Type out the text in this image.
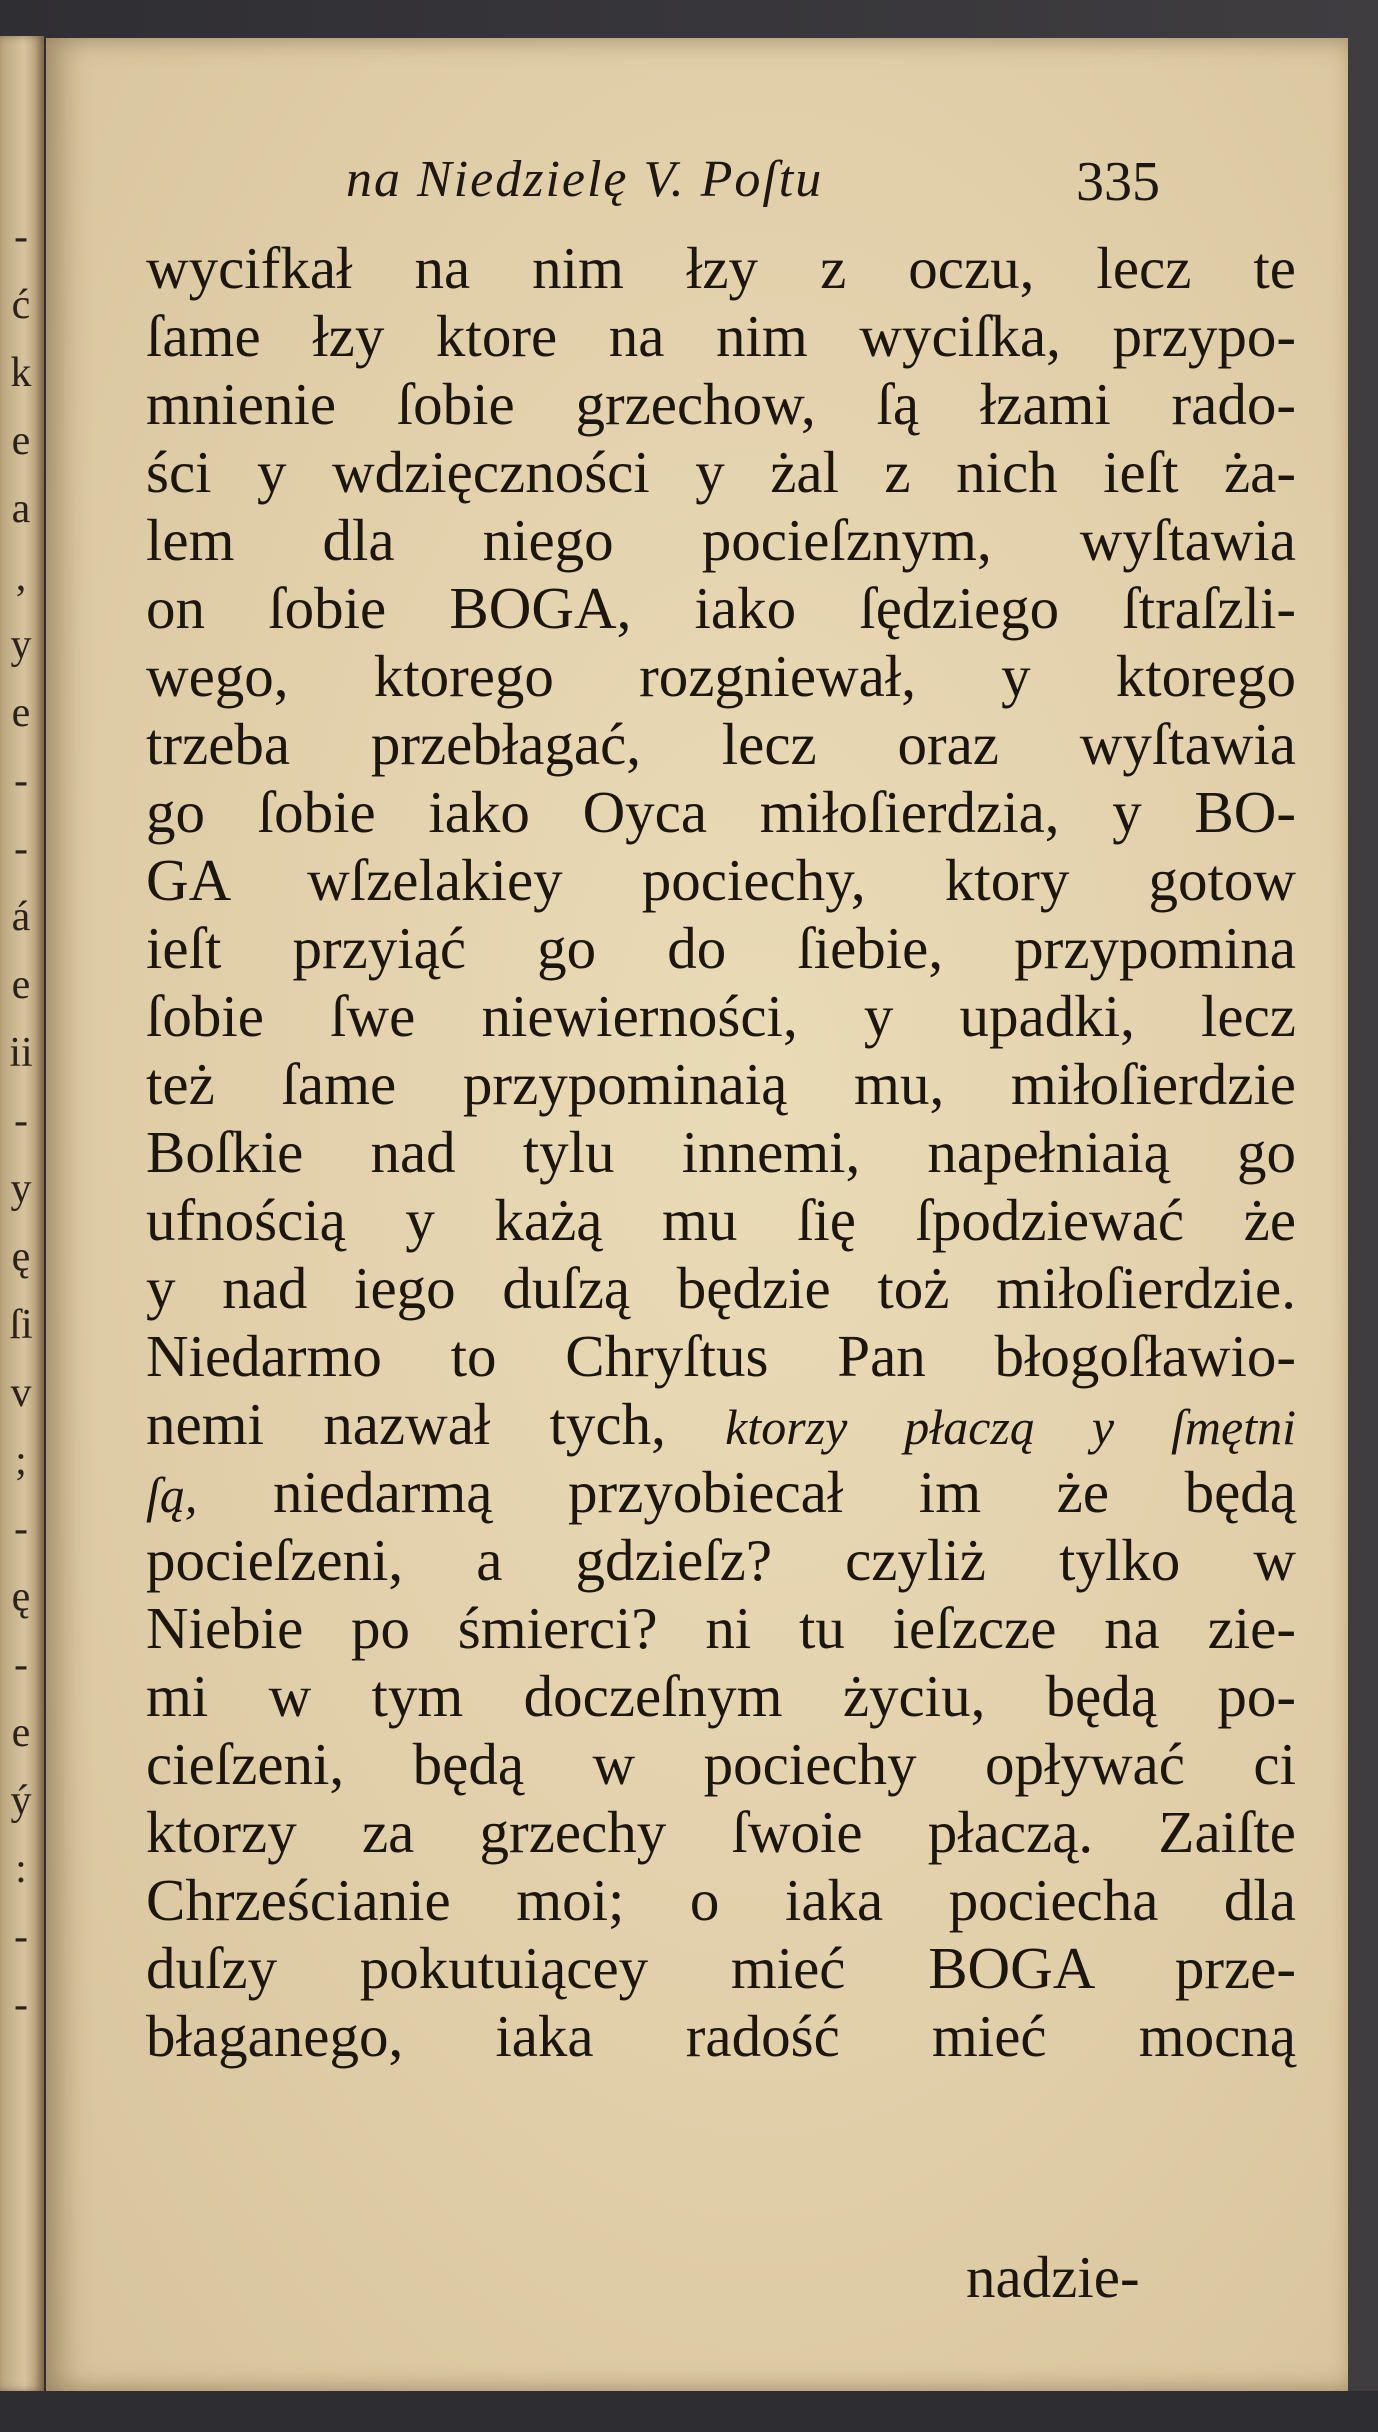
-
ć
k
e
a
,
y
e
-
-
á
e
ii
-
y
ę
ſi
v
;
-
ę
-
e
ý
:
-
-
na Niedzielę V. Poſtu	335
wycifkał na nim łzy z oczu, lecz te
ſame łzy ktore na nim wyciſka, przypo-
mnienie ſobie grzechow, ſą łzami rado-
ści y wdzięczności y żal z nich ieſt ża-
lem dla niego pocieſznym, wyſtawia
on ſobie BOGA, iako ſędziego ſtraſzli-
wego, ktorego rozgniewał, y ktorego
trzeba przebłagać, lecz oraz wyſtawia
go ſobie iako Oyca miłoſierdzia, y BO-
GA wſzelakiey pociechy, ktory gotow
ieſt przyiąć go do ſiebie, przypomina
ſobie ſwe niewierności, y upadki, lecz
też ſame przypominaią mu, miłoſierdzie
Boſkie nad tylu innemi, napełniaią go
ufnością y każą mu ſię ſpodziewać że
y nad iego duſzą będzie toż miłoſierdzie.
Niedarmo to Chryſtus Pan błogoſławio-
nemi nazwał tych, ktorzy płaczą y ſmętni
ſą, niedarmą przyobiecał im że będą
pocieſzeni, a gdzieſz? czyliż tylko w
Niebie po śmierci? ni tu ieſzcze na zie-
mi w tym doczeſnym życiu, będą po-
cieſzeni, będą w pociechy opływać ci
ktorzy za grzechy ſwoie płaczą. Zaiſte
Chrześcianie moi; o iaka pociecha dla
duſzy pokutuiącey mieć BOGA prze-
błaganego, iaka radość mieć mocną
nadzie-
